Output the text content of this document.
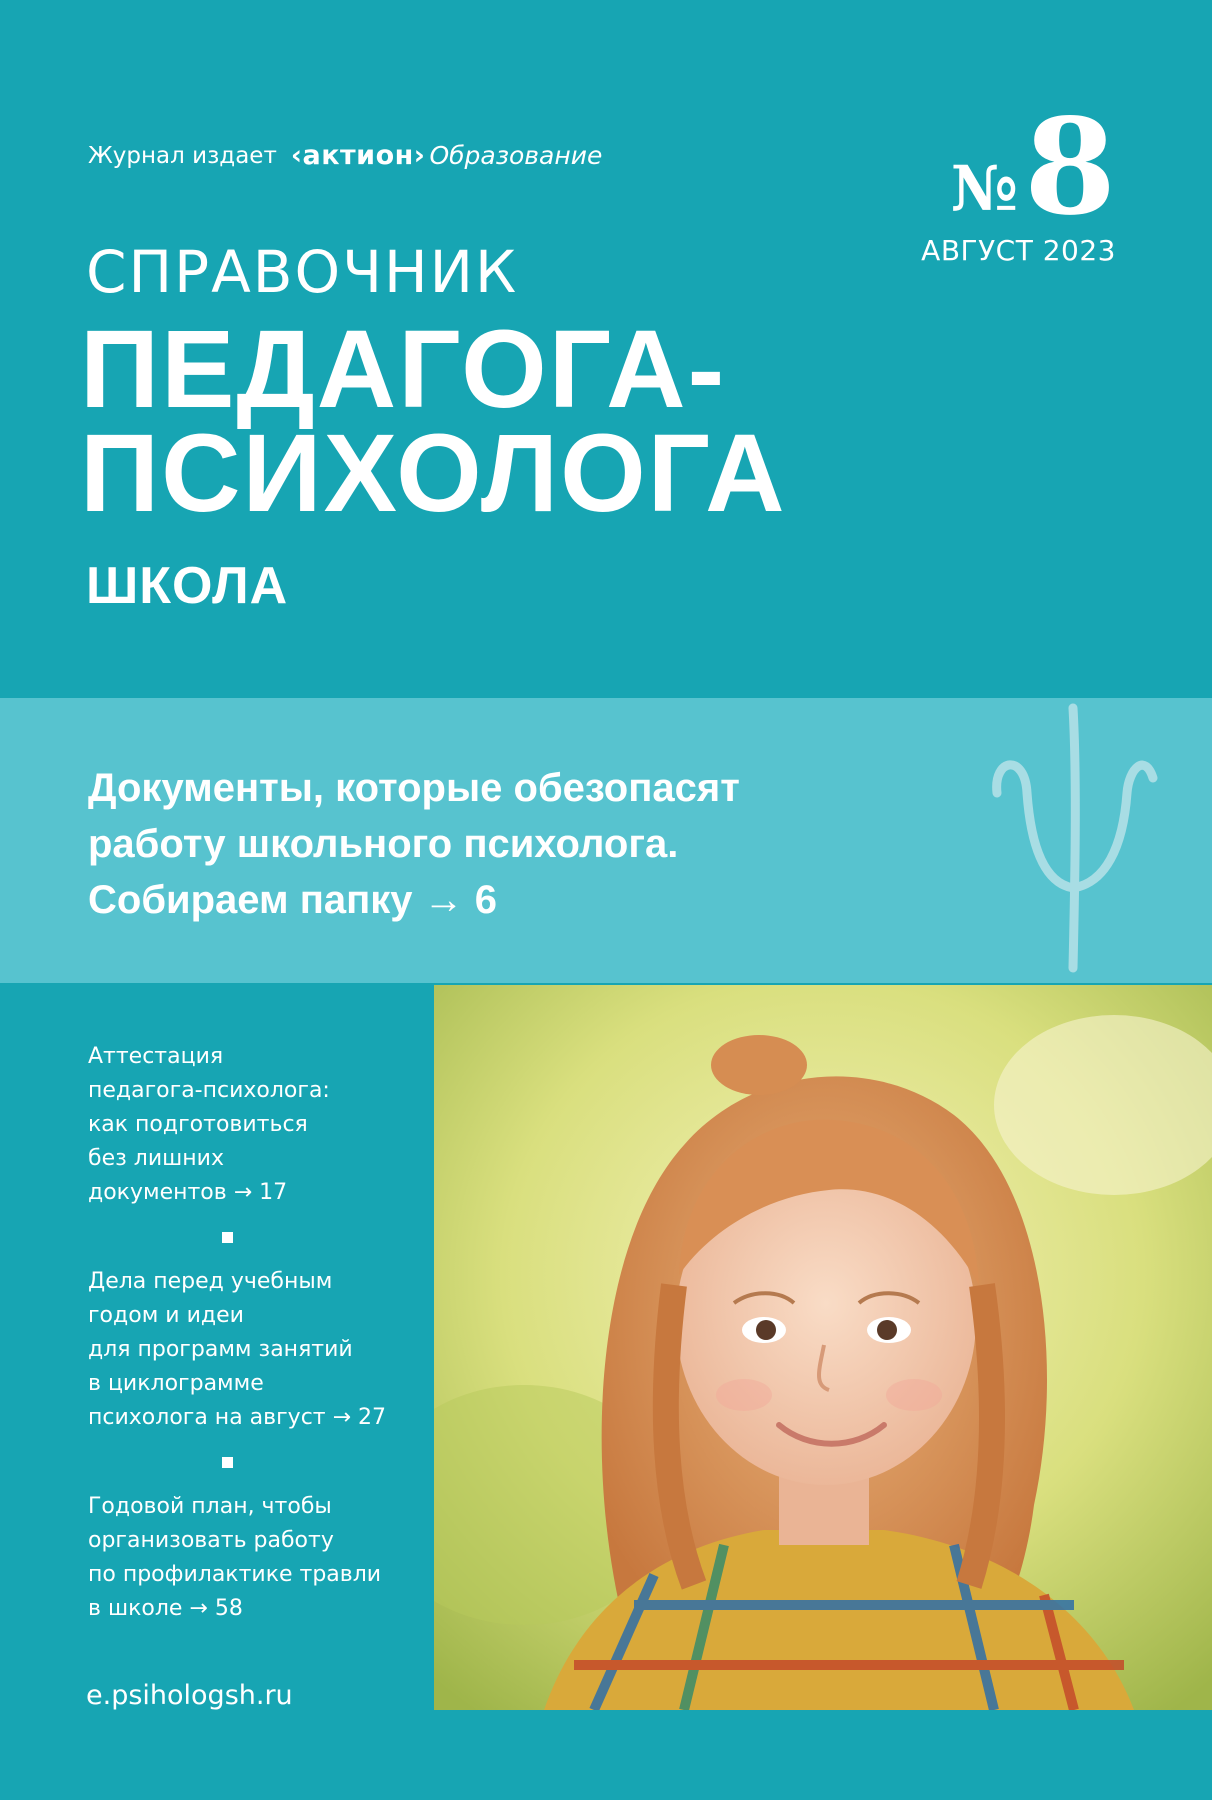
Журнал издает ‹актион› Образование	№ 8
АВГУСТ 2023
СПРАВОЧНИК
ПЕДАГОГА-
ПСИХОЛОГА
ШКОЛА
Документы, которые обезопасят
работу школьного психолога.
Собираем папку → 6
Аттестация
педагога-психолога:
как подготовиться
без лишних
документов → 17
Дела перед учебным
годом и идеи
для программ занятий
в циклограмме
психолога на август → 27
Годовой план, чтобы
организовать работу
по профилактике травли
в школе → 58
e.psihologsh.ru
